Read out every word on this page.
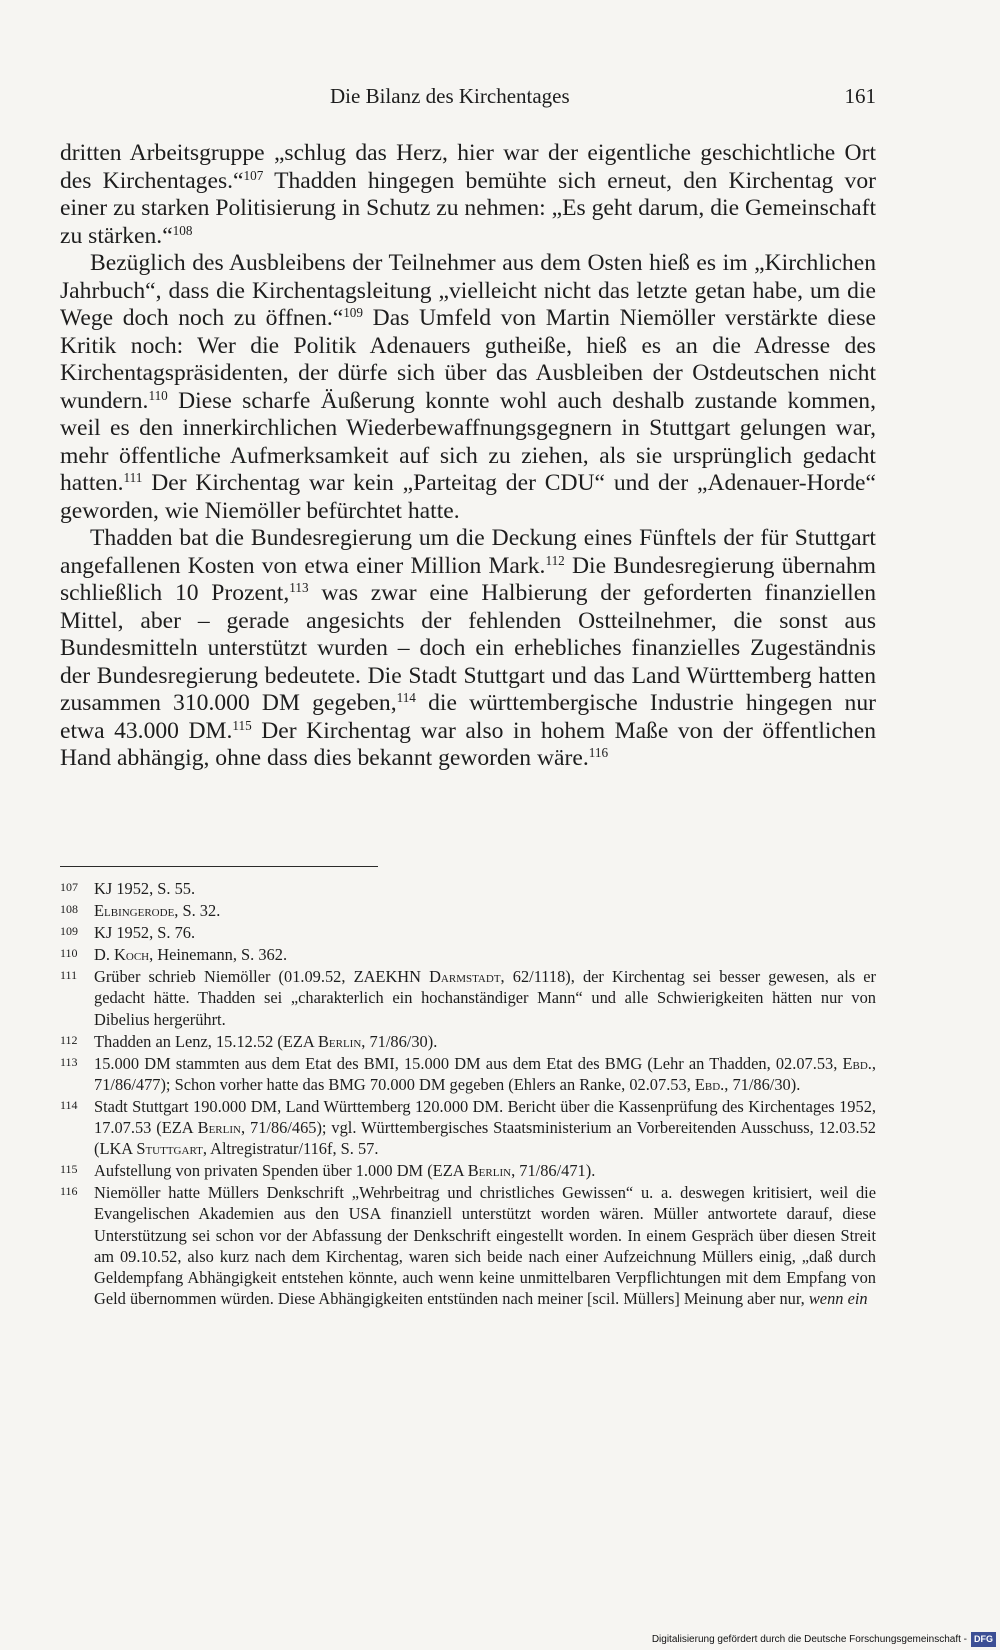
Die Bilanz des Kirchentages	161

dritten Arbeitsgruppe „schlug das Herz, hier war der eigentliche geschichtliche Ort des Kirchentages.“$^{107}$ Thadden hingegen bemühte sich erneut, den Kirchentag vor einer zu starken Politisierung in Schutz zu nehmen: „Es geht darum, die Gemeinschaft zu stärken.“$^{108}$

Bezüglich des Ausbleibens der Teilnehmer aus dem Osten hieß es im „Kirchlichen Jahrbuch“, dass die Kirchentagsleitung „vielleicht nicht das letzte getan habe, um die Wege doch noch zu öffnen.“$^{109}$ Das Umfeld von Martin Niemöller verstärkte diese Kritik noch: Wer die Politik Adenauers gutheiße, hieß es an die Adresse des Kirchentagspräsidenten, der dürfe sich über das Ausbleiben der Ostdeutschen nicht wundern.$^{110}$ Diese scharfe Äußerung konnte wohl auch deshalb zustande kommen, weil es den innerkirchlichen Wiederbewaffnungsgegnern in Stuttgart gelungen war, mehr öffentliche Aufmerksamkeit auf sich zu ziehen, als sie ursprünglich gedacht hatten.$^{111}$ Der Kirchentag war kein „Parteitag der CDU“ und der „Adenauer-Horde“ geworden, wie Niemöller befürchtet hatte.

Thadden bat die Bundesregierung um die Deckung eines Fünftels der für Stuttgart angefallenen Kosten von etwa einer Million Mark.$^{112}$ Die Bundesregierung übernahm schließlich 10 Prozent,$^{113}$ was zwar eine Halbierung der geforderten finanziellen Mittel, aber – gerade angesichts der fehlenden Ostteilnehmer, die sonst aus Bundesmitteln unterstützt wurden – doch ein erhebliches finanzielles Zugeständnis der Bundesregierung bedeutete. Die Stadt Stuttgart und das Land Württemberg hatten zusammen 310.000 DM gegeben,$^{114}$ die württembergische Industrie hingegen nur etwa 43.000 DM.$^{115}$ Der Kirchentag war also in hohem Maße von der öffentlichen Hand abhängig, ohne dass dies bekannt geworden wäre.$^{116}$

107 KJ 1952, S. 55.
108 Elbingerode, S. 32.
109 KJ 1952, S. 76.
110 D. Koch, Heinemann, S. 362.
111 Grüber schrieb Niemöller (01.09.52, ZAEKHN Darmstadt, 62/1118), der Kirchentag sei besser gewesen, als er gedacht hätte. Thadden sei „charakterlich ein hochanständiger Mann“ und alle Schwierigkeiten hätten nur von Dibelius hergerührt.
112 Thadden an Lenz, 15.12.52 (EZA Berlin, 71/86/30).
113 15.000 DM stammten aus dem Etat des BMI, 15.000 DM aus dem Etat des BMG (Lehr an Thadden, 02.07.53, Ebd., 71/86/477); Schon vorher hatte das BMG 70.000 DM gegeben (Ehlers an Ranke, 02.07.53, Ebd., 71/86/30).
114 Stadt Stuttgart 190.000 DM, Land Württemberg 120.000 DM. Bericht über die Kassenprüfung des Kirchentages 1952, 17.07.53 (EZA Berlin, 71/86/465); vgl. Württembergisches Staatsministerium an Vorbereitenden Ausschuss, 12.03.52 (LKA Stuttgart, Altregistratur/116f, S. 57.
115 Aufstellung von privaten Spenden über 1.000 DM (EZA Berlin, 71/86/471).
116 Niemöller hatte Müllers Denkschrift „Wehrbeitrag und christliches Gewissen“ u. a. deswegen kritisiert, weil die Evangelischen Akademien aus den USA finanziell unterstützt worden wären. Müller antwortete darauf, diese Unterstützung sei schon vor der Abfassung der Denkschrift eingestellt worden. In einem Gespräch über diesen Streit am 09.10.52, also kurz nach dem Kirchentag, waren sich beide nach einer Aufzeichnung Müllers einig, „daß durch Geldempfang Abhängigkeit entstehen könnte, auch wenn keine unmittelbaren Verpflichtungen mit dem Empfang von Geld übernommen würden. Diese Abhängigkeiten entstünden nach meiner [scil. Müllers] Meinung aber nur, wenn ein
Digitalisierung gefördert durch die Deutsche Forschungsgemeinschaft - DFG
